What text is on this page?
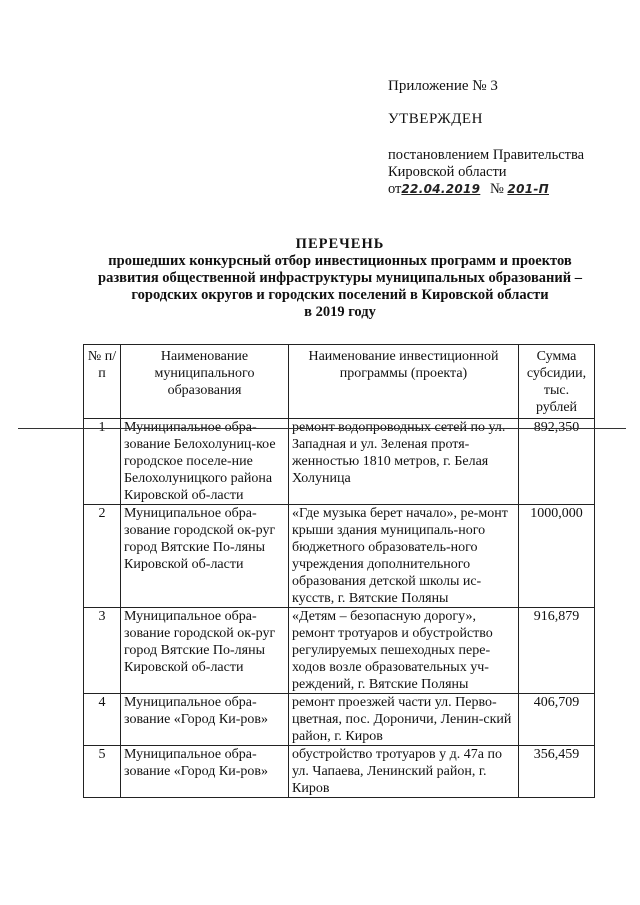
Приложение № 3
УТВЕРЖДЕН
постановлением Правительства
Кировской области
от22.04.2019 № 201-П
ПЕРЕЧЕНЬ
прошедших конкурсный отбор инвестиционных программ и проектов
развития общественной инфраструктуры муниципальных образований –
городских округов и городских поселений в Кировской области
в 2019 году
№ п/п	Наименование муниципального образования	Наименование инвестиционной программы (проекта)	Сумма субсидии, тыс. рублей
1	Муниципальное обра-зование Белохолуниц-кое городское поселе-ние Белохолуницкого района Кировской об-ласти	ремонт водопроводных сетей по ул. Западная и ул. Зеленая протя-женностью 1810 метров, г. Белая Холуница	892,350
2	Муниципальное обра-зование городской ок-руг город Вятские По-ляны Кировской об-ласти	«Где музыка берет начало», ре-монт крыши здания муниципаль-ного бюджетного образователь-ного учреждения дополнительного образования детской школы ис-кусств, г. Вятские Поляны	1000,000
3	Муниципальное обра-зование городской ок-руг город Вятские По-ляны Кировской об-ласти	«Детям – безопасную дорогу», ремонт тротуаров и обустройство регулируемых пешеходных пере-ходов возле образовательных уч-реждений, г. Вятские Поляны	916,879
4	Муниципальное обра-зование «Город Ки-ров»	ремонт проезжей части ул. Перво-цветная, пос. Дороничи, Ленин-ский район, г. Киров	406,709
5	Муниципальное обра-зование «Город Ки-ров»	обустройство тротуаров у д. 47а по ул. Чапаева, Ленинский район, г. Киров	356,459
